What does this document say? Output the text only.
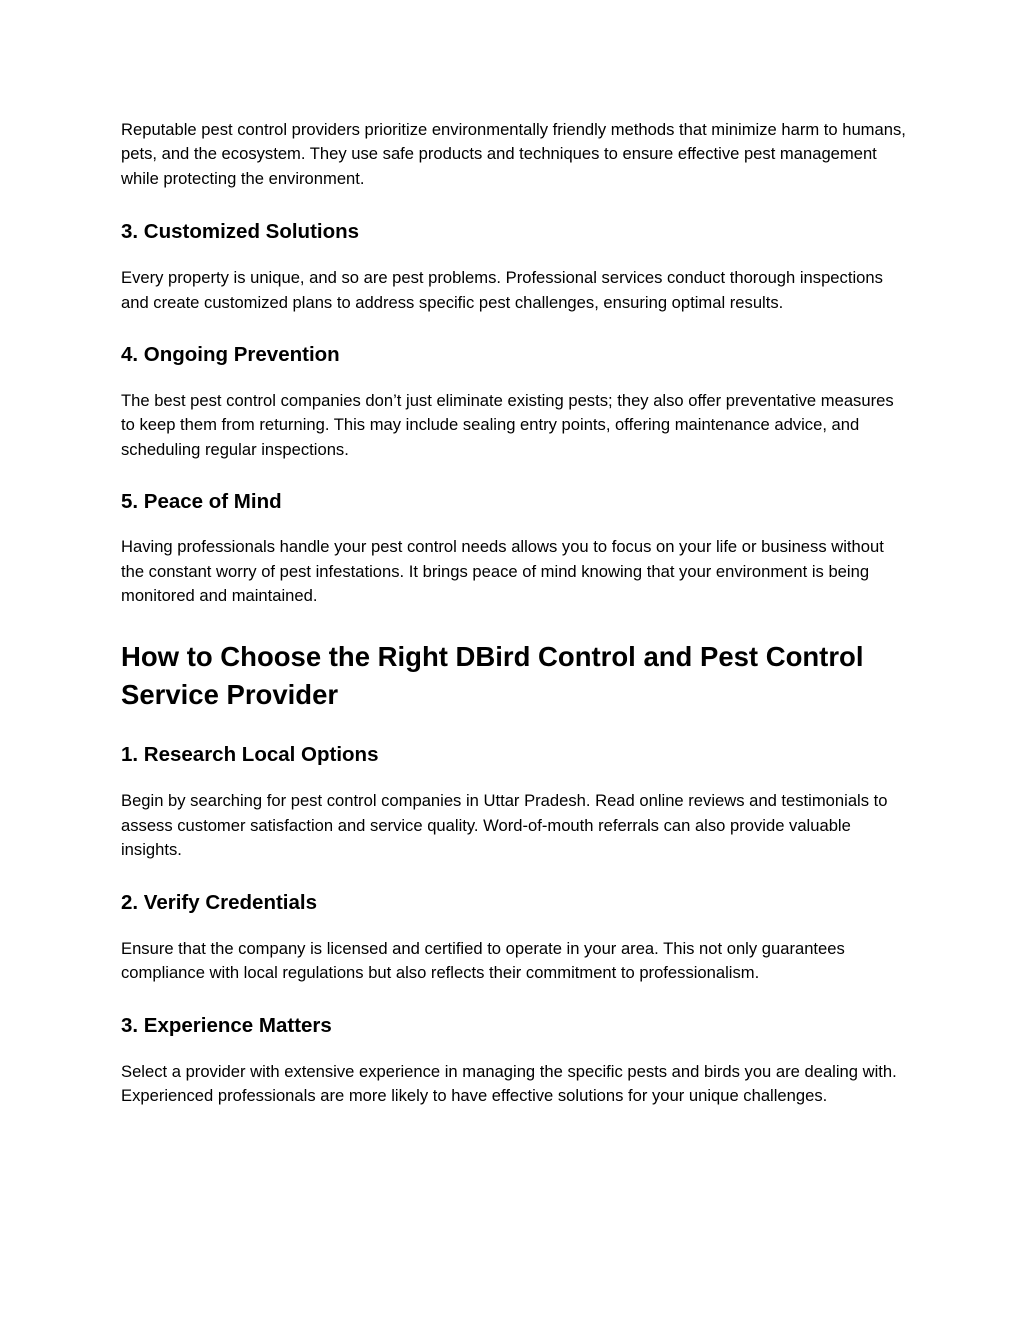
Reputable pest control providers prioritize environmentally friendly methods that minimize harm to humans, pets, and the ecosystem. They use safe products and techniques to ensure effective pest management while protecting the environment.

3. Customized Solutions

Every property is unique, and so are pest problems. Professional services conduct thorough inspections and create customized plans to address specific pest challenges, ensuring optimal results.

4. Ongoing Prevention

The best pest control companies don’t just eliminate existing pests; they also offer preventative measures to keep them from returning. This may include sealing entry points, offering maintenance advice, and scheduling regular inspections.

5. Peace of Mind

Having professionals handle your pest control needs allows you to focus on your life or business without the constant worry of pest infestations. It brings peace of mind knowing that your environment is being monitored and maintained.

How to Choose the Right DBird Control and Pest Control Service Provider
1. Research Local Options

Begin by searching for pest control companies in Uttar Pradesh. Read online reviews and testimonials to assess customer satisfaction and service quality. Word-of-mouth referrals can also provide valuable insights.

2. Verify Credentials

Ensure that the company is licensed and certified to operate in your area. This not only guarantees compliance with local regulations but also reflects their commitment to professionalism.

3. Experience Matters

Select a provider with extensive experience in managing the specific pests and birds you are dealing with. Experienced professionals are more likely to have effective solutions for your unique challenges.
